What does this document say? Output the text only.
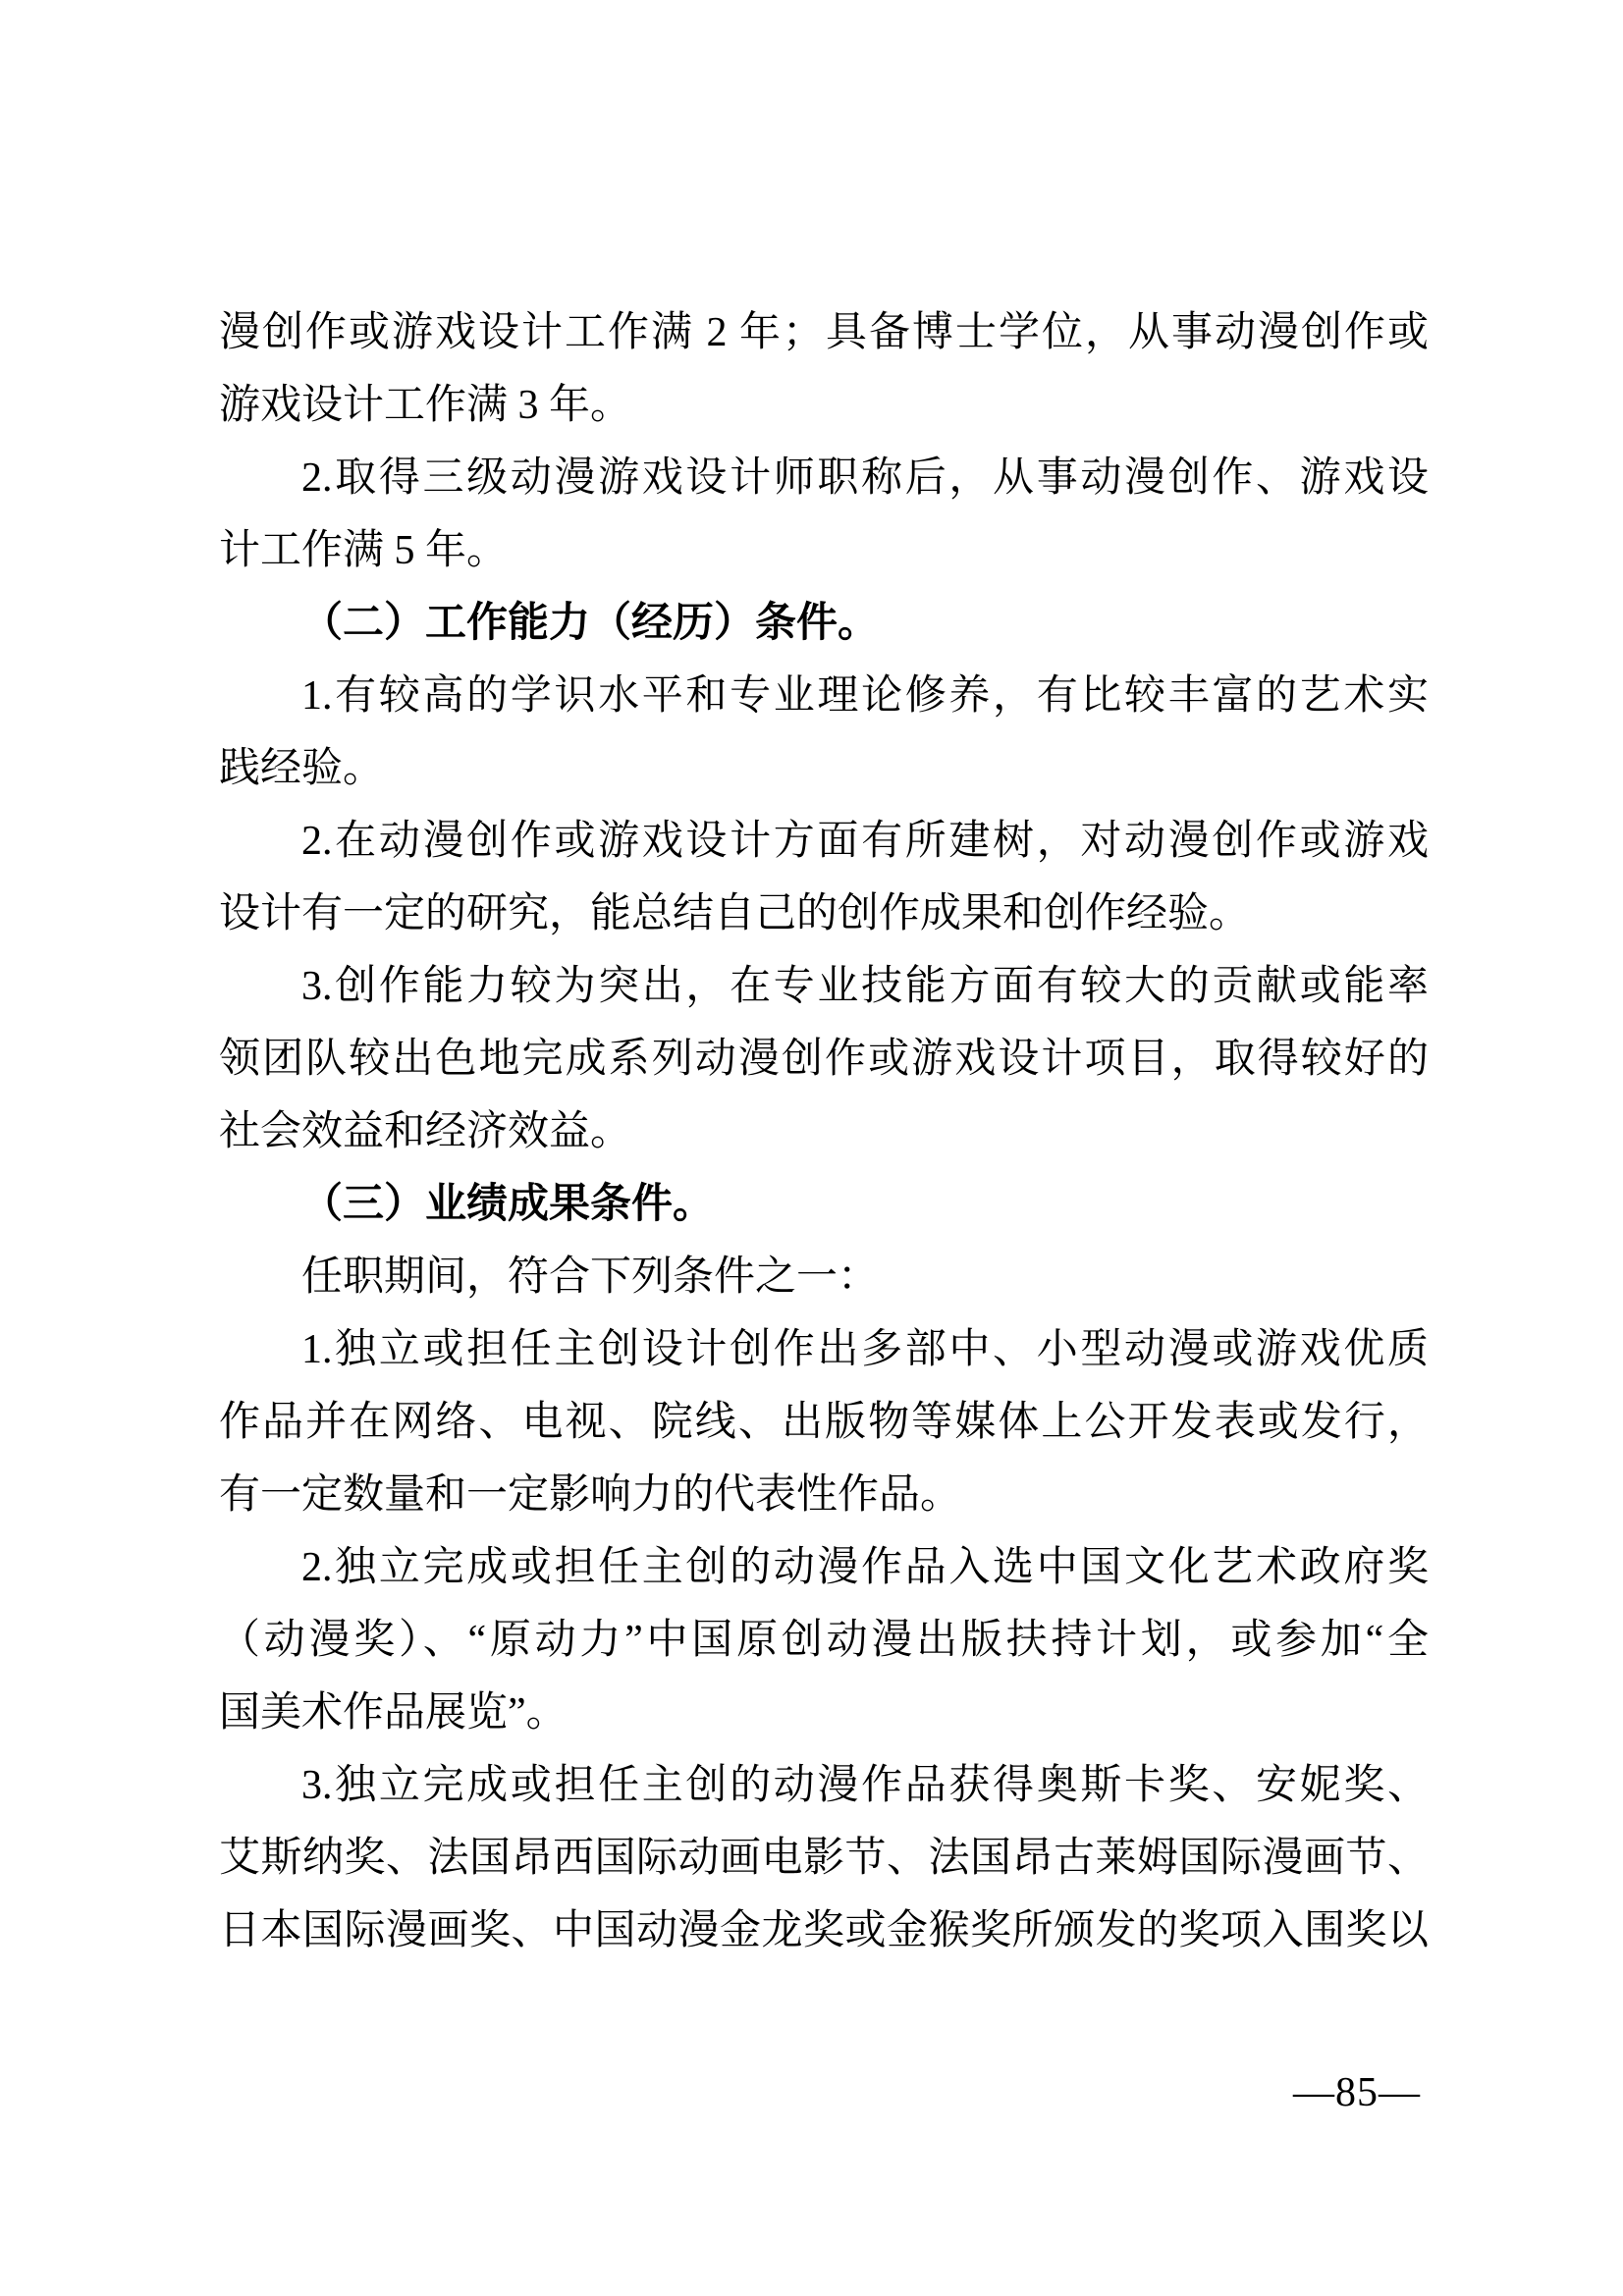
漫创作或游戏设计工作满 2 年；具备博士学位，从事动漫创作或
游戏设计工作满 3 年。
2.取得三级动漫游戏设计师职称后，从事动漫创作、游戏设
计工作满 5 年。
（二）工作能力（经历）条件。
1.有较高的学识水平和专业理论修养，有比较丰富的艺术实
践经验。
2.在动漫创作或游戏设计方面有所建树，对动漫创作或游戏
设计有一定的研究，能总结自己的创作成果和创作经验。
3.创作能力较为突出，在专业技能方面有较大的贡献或能率
领团队较出色地完成系列动漫创作或游戏设计项目，取得较好的
社会效益和经济效益。
（三）业绩成果条件。
任职期间，符合下列条件之一：
1.独立或担任主创设计创作出多部中、小型动漫或游戏优质
作品并在网络、电视、院线、出版物等媒体上公开发表或发行，
有一定数量和一定影响力的代表性作品。
2.独立完成或担任主创的动漫作品入选中国文化艺术政府奖
（动漫奖）、“原动力”中国原创动漫出版扶持计划，或参加“全
国美术作品展览”。
3.独立完成或担任主创的动漫作品获得奥斯卡奖、安妮奖、
艾斯纳奖、法国昂西国际动画电影节、法国昂古莱姆国际漫画节、
日本国际漫画奖、中国动漫金龙奖或金猴奖所颁发的奖项入围奖以
—85—
